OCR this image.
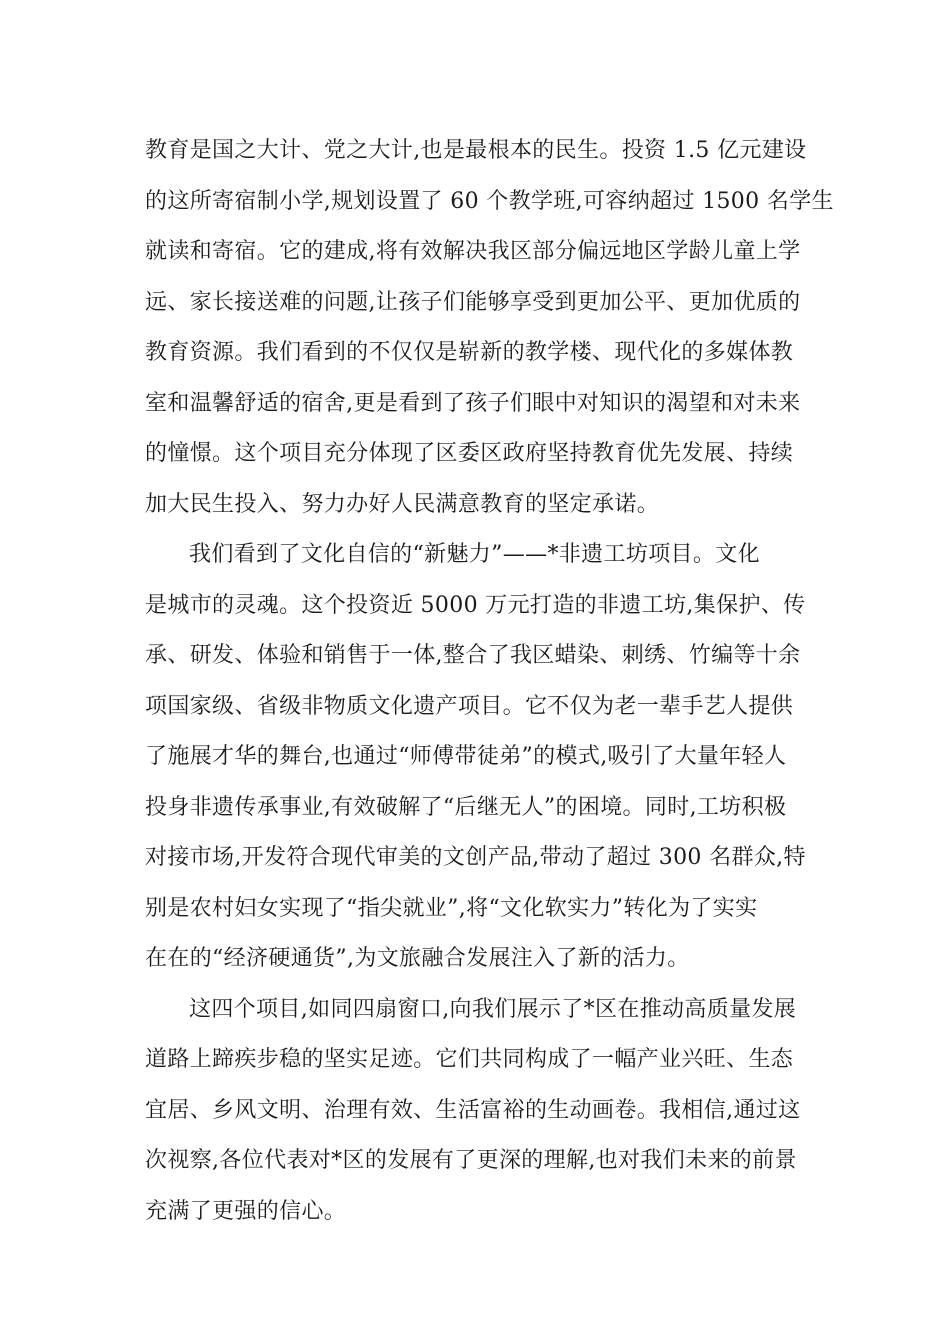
教育是国之大计、党之大计,也是最根本的民生。投资 1.5 亿元建设
的这所寄宿制小学,规划设置了 60 个教学班,可容纳超过 1500 名学生
就读和寄宿。它的建成,将有效解决我区部分偏远地区学龄儿童上学
远、家长接送难的问题,让孩子们能够享受到更加公平、更加优质的
教育资源。我们看到的不仅仅是崭新的教学楼、现代化的多媒体教
室和温馨舒适的宿舍,更是看到了孩子们眼中对知识的渴望和对未来
的憧憬。这个项目充分体现了区委区政府坚持教育优先发展、持续
加大民生投入、努力办好人民满意教育的坚定承诺。

我们看到了文化自信的“新魅力”——*非遗工坊项目。文化
是城市的灵魂。这个投资近 5000 万元打造的非遗工坊,集保护、传
承、研发、体验和销售于一体,整合了我区蜡染、刺绣、竹编等十余
项国家级、省级非物质文化遗产项目。它不仅为老一辈手艺人提供
了施展才华的舞台,也通过“师傅带徒弟”的模式,吸引了大量年轻人
投身非遗传承事业,有效破解了“后继无人”的困境。同时,工坊积极
对接市场,开发符合现代审美的文创产品,带动了超过 300 名群众,特
别是农村妇女实现了“指尖就业”,将“文化软实力”转化为了实实
在在的“经济硬通货”,为文旅融合发展注入了新的活力。

这四个项目,如同四扇窗口,向我们展示了*区在推动高质量发展
道路上蹄疾步稳的坚实足迹。它们共同构成了一幅产业兴旺、生态
宜居、乡风文明、治理有效、生活富裕的生动画卷。我相信,通过这
次视察,各位代表对*区的发展有了更深的理解,也对我们未来的前景
充满了更强的信心。
